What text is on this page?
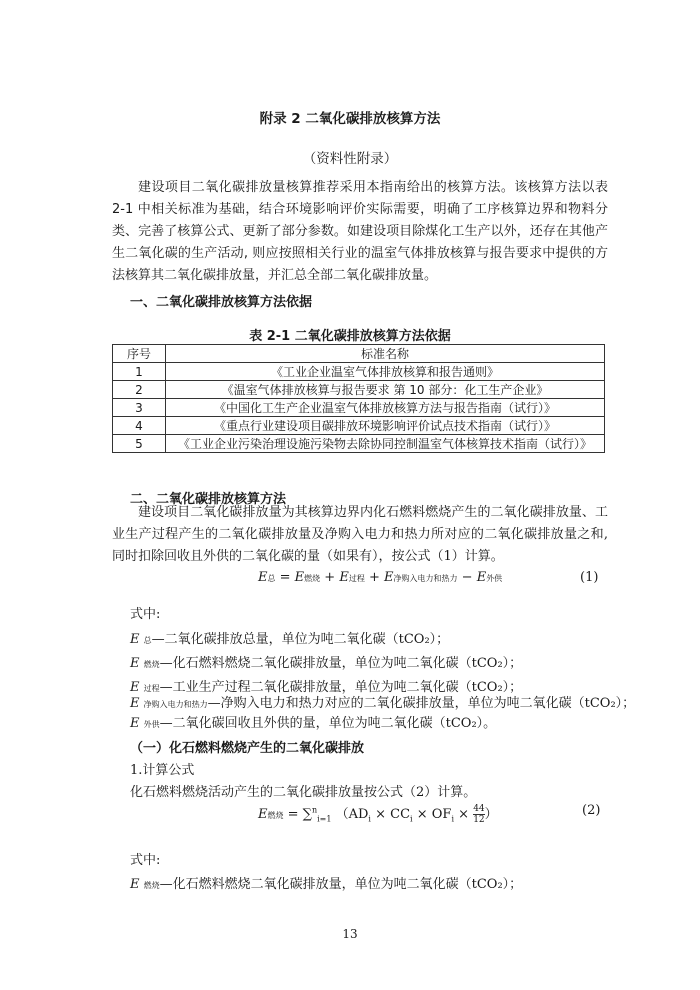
附录 2 二氧化碳排放核算方法
（资料性附录）
建设项目二氧化碳排放量核算推荐采用本指南给出的核算方法。该核算方法以表 2-1 中相关标准为基础，结合环境影响评价实际需要，明确了工序核算边界和物料分类、完善了核算公式、更新了部分参数。如建设项目除煤化工生产以外，还存在其他产生二氧化碳的生产活动, 则应按照相关行业的温室气体排放核算与报告要求中提供的方法核算其二氧化碳排放量，并汇总全部二氧化碳排放量。
一、二氧化碳排放核算方法依据
表 2-1 二氧化碳排放核算方法依据
序号	标准名称
1	《工业企业温室气体排放核算和报告通则》
2	《温室气体排放核算与报告要求 第 10 部分：化工生产企业》
3	《中国化工生产企业温室气体排放核算方法与报告指南（试行）》
4	《重点行业建设项目碳排放环境影响评价试点技术指南（试行）》
5	《工业企业污染治理设施污染物去除协同控制温室气体核算技术指南（试行）》
二、二氧化碳排放核算方法
建设项目二氧化碳排放量为其核算边界内化石燃料燃烧产生的二氧化碳排放量、工业生产过程产生的二氧化碳排放量及净购入电力和热力所对应的二氧化碳排放量之和, 同时扣除回收且外供的二氧化碳的量（如果有），按公式（1）计算。
E总 = E燃烧 + E过程 + E净购入电力和热力 − E外供	(1)
式中:
E 总—二氧化碳排放总量，单位为吨二氧化碳（tCO₂）；
E 燃烧—化石燃料燃烧二氧化碳排放量，单位为吨二氧化碳（tCO₂）；
E 过程—工业生产过程二氧化碳排放量，单位为吨二氧化碳（tCO₂）；
E 净购入电力和热力—净购入电力和热力对应的二氧化碳排放量，单位为吨二氧化碳（tCO₂）；
E 外供—二氧化碳回收且外供的量，单位为吨二氧化碳（tCO₂）。
（一）化石燃料燃烧产生的二氧化碳排放
1.计算公式
化石燃料燃烧活动产生的二氧化碳排放量按公式（2）计算。
E燃烧 = ∑$^n_{i=1}$ （$AD_i \times CC_i \times OF_i \times \frac{44}{12}$ ）	(2)
式中:
E 燃烧—化石燃料燃烧二氧化碳排放量，单位为吨二氧化碳（tCO₂）；
13
